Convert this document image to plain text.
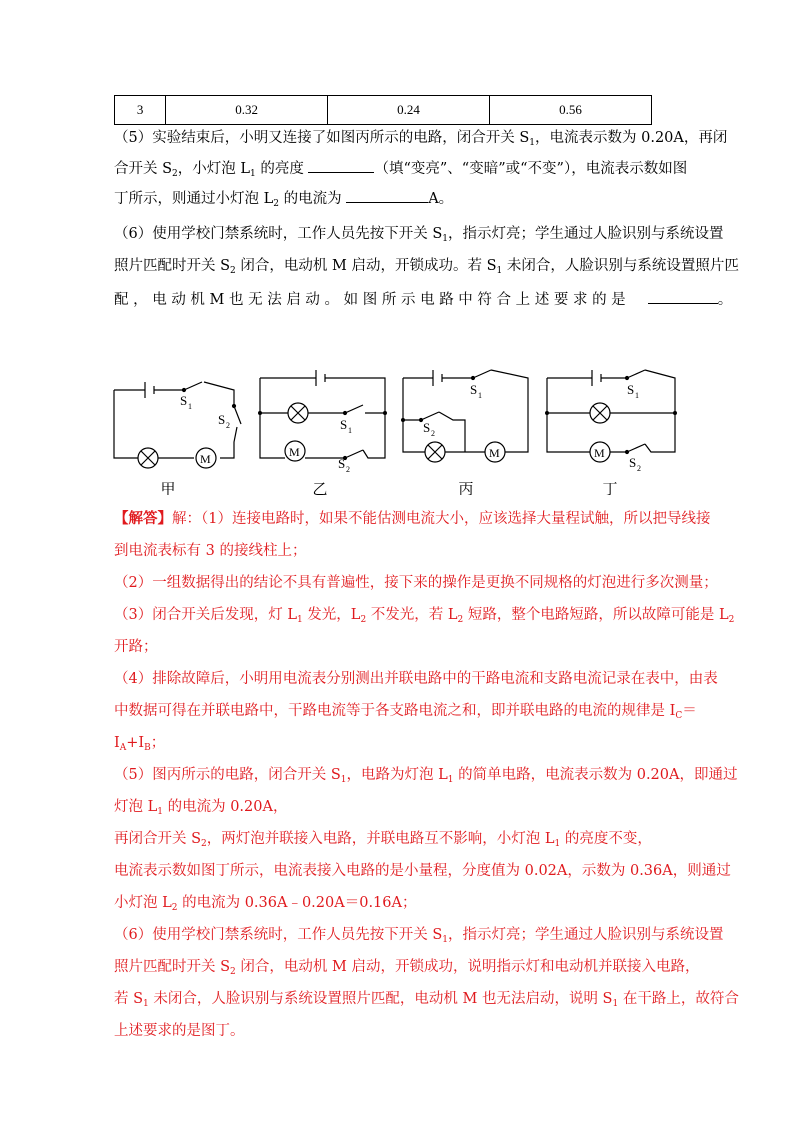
3	0.32	0.24	0.56
（5）实验结束后，小明又连接了如图丙所示的电路，闭合开关 $S_1$，电流表示数为 0.20A，再闭
合开关 $S_2$，小灯泡 $L_1$ 的亮度	（填“变亮”、“变暗”或“不变”），电流表示数如图
丁所示，则通过小灯泡 $L_2$ 的电流为	A。
（6）使用学校门禁系统时，工作人员先按下开关 $S_1$，指示灯亮；学生通过人脸识别与系统设置
照片匹配时开关 $S_2$ 闭合，电动机 M 启动，开锁成功。若 $S_1$ 未闭合，人脸识别与系统设置照片匹
配 ， 电 动 机 M 也 无 法 启 动 。 如 图 所 示 电 路 中 符 合 上 述 要 求 的 是	。
M
S 1
S 2
M
S 1
S 2
M
S 1
S 2
M
S 1
S 2
甲	乙	丙	丁
【解答】解：（1）连接电路时，如果不能估测电流大小，应该选择大量程试触，所以把导线接
到电流表标有 3 的接线柱上；
（2）一组数据得出的结论不具有普遍性，接下来的操作是更换不同规格的灯泡进行多次测量；
（3）闭合开关后发现，灯 $L_1$ 发光，$L_2$ 不发光，若 $L_2$ 短路，整个电路短路，所以故障可能是 $L_2$
开路；
（4）排除故障后，小明用电流表分别测出并联电路中的干路电流和支路电流记录在表中，由表
中数据可得在并联电路中，干路电流等于各支路电流之和，即并联电路的电流的规律是 $I_C=$
$I_A+I_B$；
（5）图丙所示的电路，闭合开关 $S_1$，电路为灯泡 $L_1$ 的简单电路，电流表示数为 0.20A，即通过
灯泡 $L_1$ 的电流为 0.20A，
再闭合开关 $S_2$，两灯泡并联接入电路，并联电路互不影响，小灯泡 $L_1$ 的亮度不变，
电流表示数如图丁所示，电流表接入电路的是小量程，分度值为 0.02A，示数为 0.36A，则通过
小灯泡 $L_2$ 的电流为 0.36A﹣0.20A＝0.16A；
（6）使用学校门禁系统时，工作人员先按下开关 $S_1$，指示灯亮；学生通过人脸识别与系统设置
照片匹配时开关 $S_2$ 闭合，电动机 M 启动，开锁成功，说明指示灯和电动机并联接入电路，
若 $S_1$ 未闭合，人脸识别与系统设置照片匹配，电动机 M 也无法启动，说明 $S_1$ 在干路上，故符合
上述要求的是图丁。
